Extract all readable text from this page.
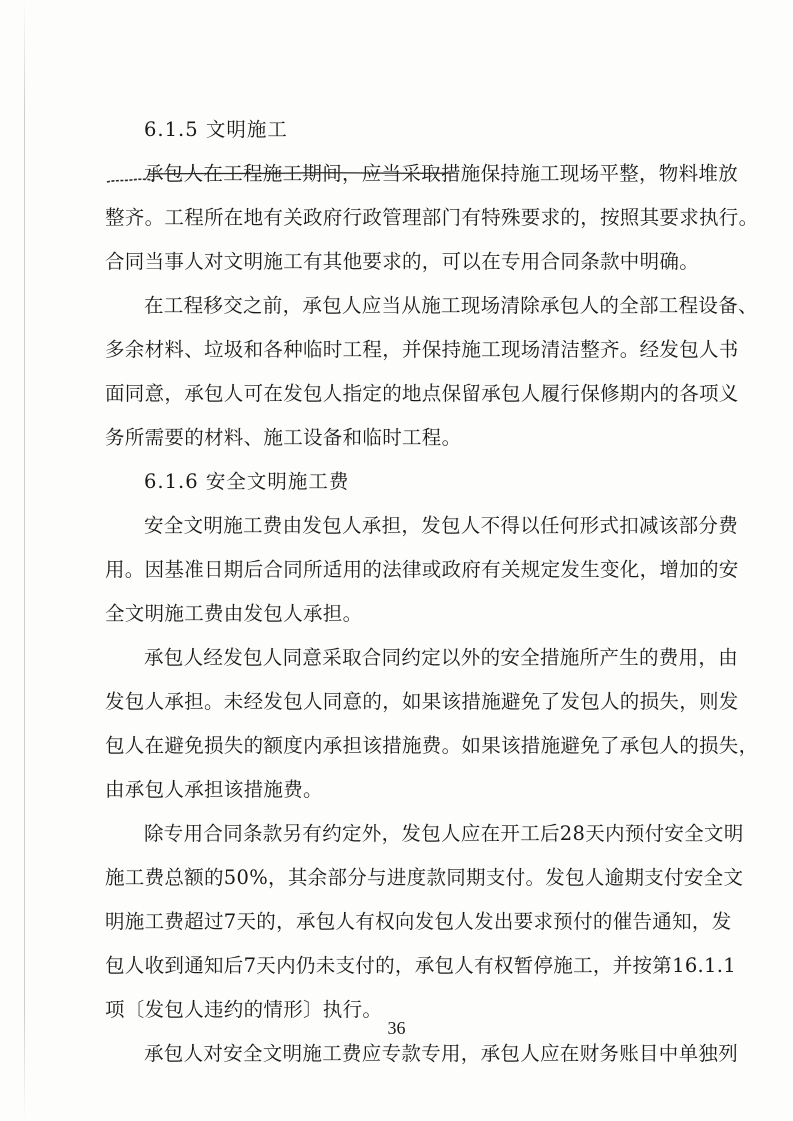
6.1.5 文明施工
承包人在工程施工期间，应当采取措施保持施工现场平整，物料堆放
整齐。工程所在地有关政府行政管理部门有特殊要求的，按照其要求执行。
合同当事人对文明施工有其他要求的，可以在专用合同条款中明确。
在工程移交之前，承包人应当从施工现场清除承包人的全部工程设备、
多余材料、垃圾和各种临时工程，并保持施工现场清洁整齐。经发包人书
面同意，承包人可在发包人指定的地点保留承包人履行保修期内的各项义
务所需要的材料、施工设备和临时工程。
6.1.6 安全文明施工费
安全文明施工费由发包人承担，发包人不得以任何形式扣减该部分费
用。因基准日期后合同所适用的法律或政府有关规定发生变化，增加的安
全文明施工费由发包人承担。
承包人经发包人同意采取合同约定以外的安全措施所产生的费用，由
发包人承担。未经发包人同意的，如果该措施避免了发包人的损失，则发
包人在避免损失的额度内承担该措施费。如果该措施避免了承包人的损失，
由承包人承担该措施费。
除专用合同条款另有约定外，发包人应在开工后28天内预付安全文明
施工费总额的50%，其余部分与进度款同期支付。发包人逾期支付安全文
明施工费超过7天的，承包人有权向发包人发出要求预付的催告通知，发
包人收到通知后7天内仍未支付的，承包人有权暂停施工，并按第16.1.1
项〔发包人违约的情形〕执行。
承包人对安全文明施工费应专款专用，承包人应在财务账目中单独列
36
